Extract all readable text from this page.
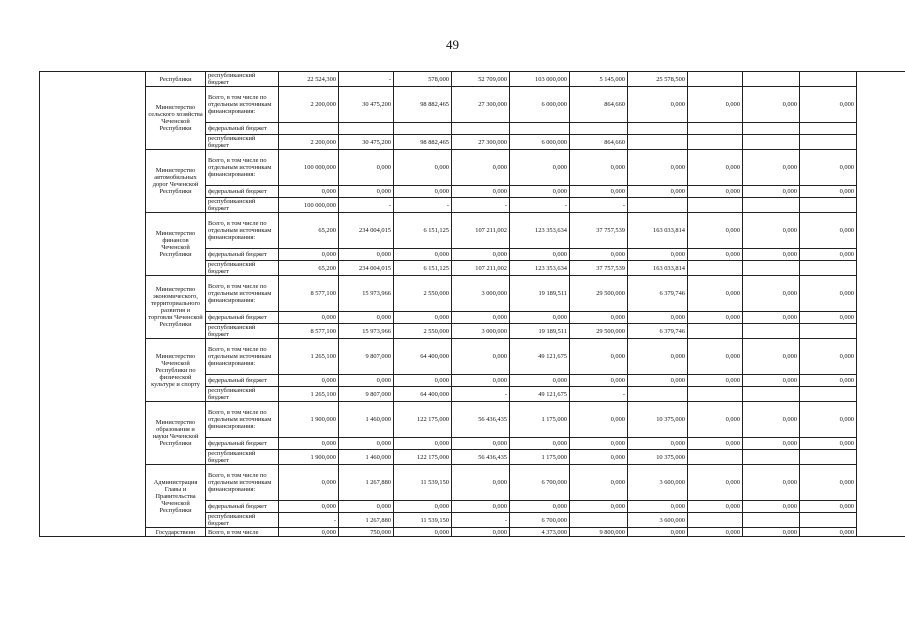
49
	Республики	республиканский бюджет	22 524,300	-	578,000	52 709,000	103 000,000	5 145,000	25 578,500				
	Министерство сельского хозяйства Чеченской Республики	Всего, в том числе по отдельным источникам финансирования:	2 200,000	30 475,200	98 882,465	27 300,000	6 000,000	864,660	0,000	0,000	0,000	0,000	
		федеральный бюджет											
		республиканский бюджет	2 200,000	30 475,200	98 882,465	27 300,000	6 000,000	864,660					
	Министерство автомобильных дорог Чеченской Республики	Всего, в том числе по отдельным источникам финансирования:	100 000,000	0,000	0,000	0,000	0,000	0,000	0,000	0,000	0,000	0,000	
		федеральный бюджет	0,000	0,000	0,000	0,000	0,000	0,000	0,000	0,000	0,000	0,000	
		республиканский бюджет	100 000,000	-	-	-	-	-					
	Министерство финансов Чеченской Республики	Всего, в том числе по отдельным источникам финансирования:	65,200	234 004,015	6 151,125	107 211,002	123 353,634	37 757,539	163 033,814	0,000	0,000	0,000	
		федеральный бюджет	0,000	0,000	0,000	0,000	0,000	0,000	0,000	0,000	0,000	0,000	
		республиканский бюджет	65,200	234 004,015	6 151,125	107 211,002	123 353,634	37 757,539	163 033,814				
	Министерство экономического, территориального развития и торговли Чеченской Республики	Всего, в том числе по отдельным источникам финансирования:	8 577,100	15 973,966	2 550,000	3 000,000	19 189,511	29 500,000	6 379,746	0,000	0,000	0,000	
		федеральный бюджет	0,000	0,000	0,000	0,000	0,000	0,000	0,000	0,000	0,000	0,000	
		республиканский бюджет	8 577,100	15 973,966	2 550,000	3 000,000	19 189,511	29 500,000	6 379,746				
	Министерство Чеченской Республики по физической культуре и спорту	Всего, в том числе по отдельным источникам финансирования:	1 265,100	9 807,000	64 400,000	0,000	49 121,675	0,000	0,000	0,000	0,000	0,000	
		федеральный бюджет	0,000	0,000	0,000	0,000	0,000	0,000	0,000	0,000	0,000	0,000	
		республиканский бюджет	1 265,100	9 807,000	64 400,000	-	49 121,675	-					
	Министерство образования и науки Чеченской Республики	Всего, в том числе по отдельным источникам финансирования:	1 900,000	1 460,000	122 175,000	56 436,435	1 175,000	0,000	10 375,000	0,000	0,000	0,000	
		федеральный бюджет	0,000	0,000	0,000	0,000	0,000	0,000	0,000	0,000	0,000	0,000	
		республиканский бюджет	1 900,000	1 460,000	122 175,000	56 436,435	1 175,000	0,000	10 375,000				
	Администрация Главы и Правительства Чеченской Республики	Всего, в том числе по отдельным источникам финансирования:	0,000	1 267,880	11 539,150	0,000	6 700,000	0,000	3 600,000	0,000	0,000	0,000	
		федеральный бюджет	0,000	0,000	0,000	0,000	0,000	0,000	0,000	0,000	0,000	0,000	
		республиканский бюджет	-	1 267,880	11 539,150	-	6 700,000		3 600,000				
	Государственн	Всего, в том числе	0,000	750,000	0,000	0,000	4 373,000	9 800,000	0,000	0,000	0,000	0,000	
